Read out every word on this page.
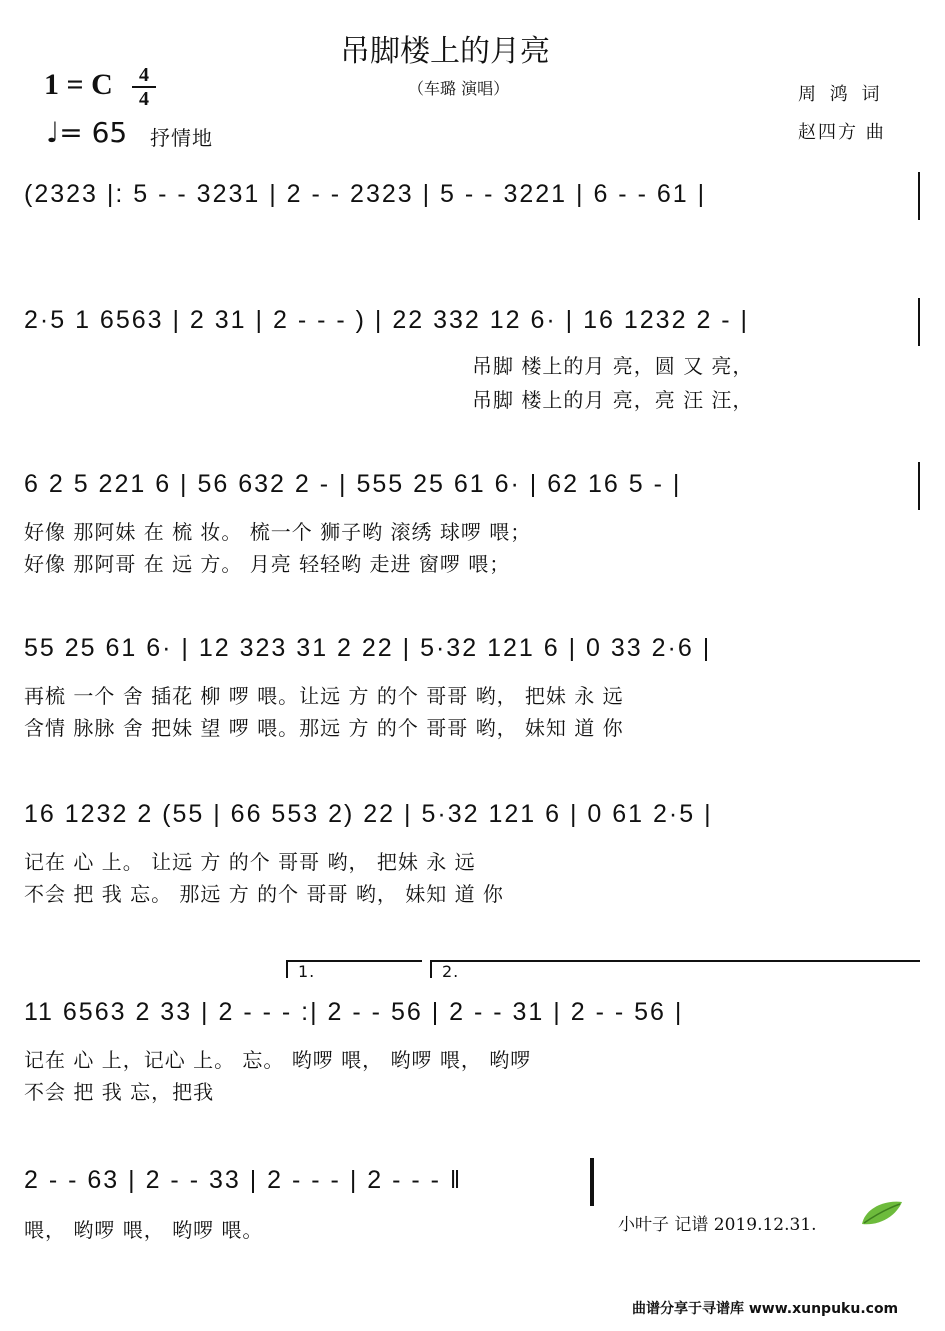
吊脚楼上的月亮
（车璐 演唱）
1 = C	4
4
♩= 65 抒情地
周 鸿 词
赵四方 曲
(2323 |: 5 - - 3231 | 2 - - 2323 | 5 - - 3221 | 6 - - 61 |
2·5 1 6563 | 2 31 | 2 - - - ) | 22 332 12 6· | 16 1232 2 - |
吊脚 楼上的月 亮，圆 又 亮，
吊脚 楼上的月 亮，亮 汪 汪，
6 2 5 221 6 | 56 632 2 - | 555 25 61 6· | 62 16 5 - |
好像 那阿妹 在 梳 妆。 梳一个 狮子哟 滚绣 球啰 喂；
好像 那阿哥 在 远 方。 月亮 轻轻哟 走进 窗啰 喂；
55 25 61 6· | 12 323 31 2 22 | 5·32 121 6 | 0 33 2·6 |
再梳 一个 舍 插花 柳 啰 喂。让远 方 的个 哥哥 哟， 把妹 永 远
含情 脉脉 舍 把妹 望 啰 喂。那远 方 的个 哥哥 哟， 妹知 道 你
16 1232 2 (55 | 66 553 2) 22 | 5·32 121 6 | 0 61 2·5 |
记在 心 上。 让远 方 的个 哥哥 哟， 把妹 永 远
不会 把 我 忘。 那远 方 的个 哥哥 哟， 妹知 道 你
1.	2.
11 6563 2 33 | 2 - - - :| 2 - - 56 | 2 - - 31 | 2 - - 56 |
记在 心 上，记心 上。 忘。 哟啰 喂， 哟啰 喂， 哟啰
不会 把 我 忘，把我
2 - - 63 | 2 - - 33 | 2 - - - | 2 - - - ‖
喂， 哟啰 喂， 哟啰 喂。	小叶子 记谱 2019.12.31.
曲谱分享于寻谱库 www.xunpuku.com
